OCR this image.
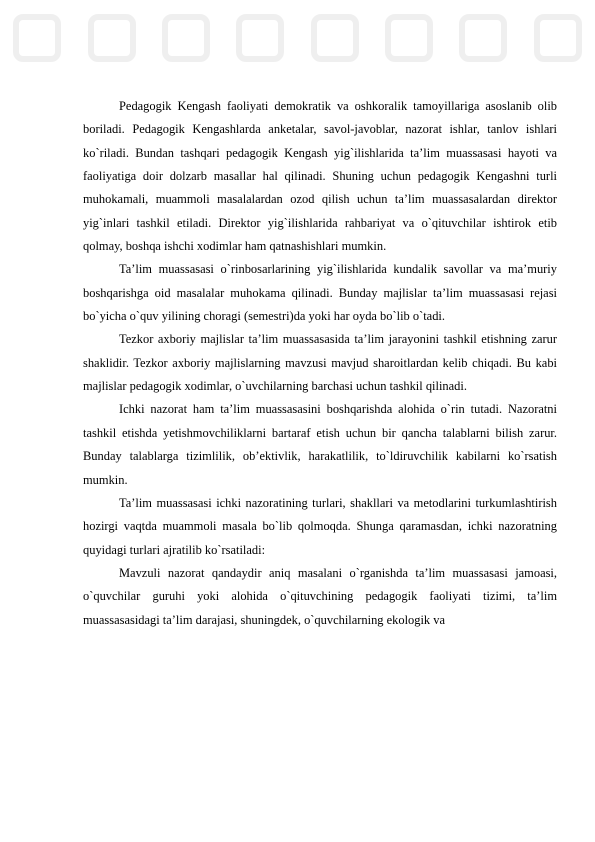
Pedagogik Kengash faoliyati demokratik va oshkoralik tamoyillariga asoslanib olib boriladi. Pedagogik Kengashlarda anketalar, savol-javoblar, nazorat ishlar, tanlov ishlari ko`riladi. Bundan tashqari pedagogik Kengash yig`ilishlarida ta’lim muassasasi hayoti va faoliyatiga doir dolzarb masallar hal qilinadi. Shuning uchun pedagogik Kengashni turli muhokamali, muammoli masalalardan ozod qilish uchun ta’lim muassasalardan direktor yig`inlari tashkil etiladi. Direktor yig`ilishlarida rahbariyat va o`qituvchilar ishtirok etib qolmay, boshqa ishchi xodimlar ham qatnashishlari mumkin.

Ta’lim muassasasi o`rinbosarlarining yig`ilishlarida kundalik savollar va ma’muriy boshqarishga oid masalalar muhokama qilinadi. Bunday majlislar ta’lim muassasasi rejasi bo`yicha o`quv yilining choragi (semestri)da yoki har oyda bo`lib o`tadi.

Tezkor axboriy majlislar ta’lim muassasasida ta’lim jarayonini tashkil etishning zarur shaklidir. Tezkor axboriy majlislarning mavzusi mavjud sharoitlardan kelib chiqadi. Bu kabi majlislar pedagogik xodimlar, o`uvchilarning barchasi uchun tashkil qilinadi.

Ichki nazorat ham ta’lim muassasasini boshqarishda alohida o`rin tutadi. Nazoratni tashkil etishda yetishmovchiliklarni bartaraf etish uchun bir qancha talablarni bilish zarur. Bunday talablarga tizimlilik, ob’ektivlik, harakatlilik, to`ldiruvchilik kabilarni ko`rsatish mumkin.

Ta’lim muassasasi ichki nazoratining turlari, shakllari va metodlarini turkumlashtirish hozirgi vaqtda muammoli masala bo`lib qolmoqda. Shunga qaramasdan, ichki nazoratning quyidagi turlari ajratilib ko`rsatiladi:

Mavzuli nazorat qandaydir aniq masalani o`rganishda ta’lim muassasasi jamoasi, o`quvchilar guruhi yoki alohida o`qituvchining pedagogik faoliyati tizimi, ta’lim muassasasidagi ta’lim darajasi, shuningdek, o`quvchilarning ekologik va
